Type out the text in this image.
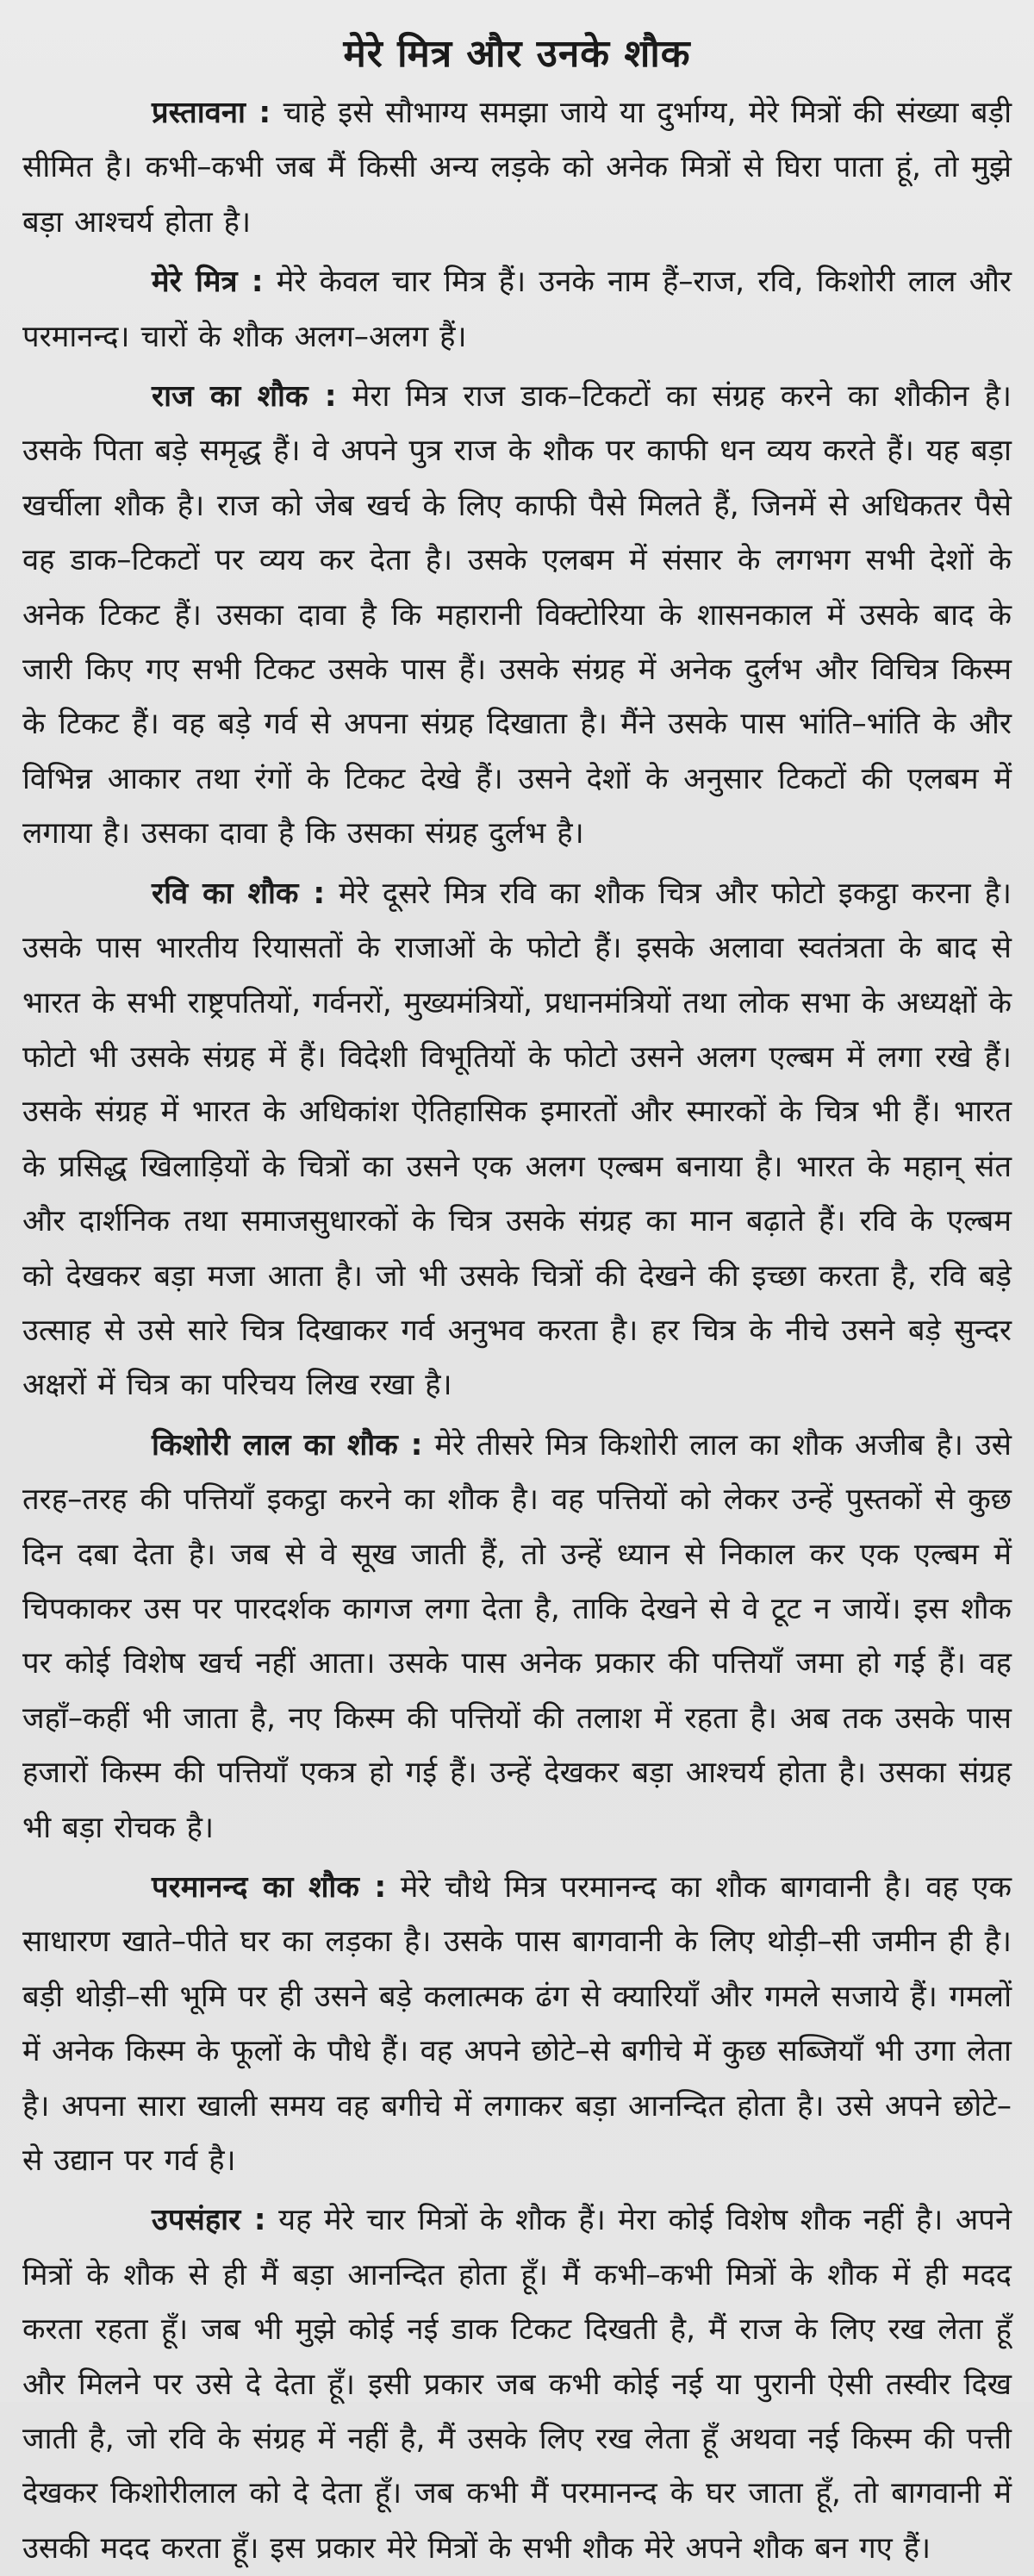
मेरे मित्र और उनके शौक

प्रस्तावना : चाहे इसे सौभाग्य समझा जाये या दुर्भाग्य, मेरे मित्रों की संख्या बड़ी सीमित है। कभी–कभी जब मैं किसी अन्य लड़के को अनेक मित्रों से घिरा पाता हूं, तो मुझे बड़ा आश्चर्य होता है।

मेरे मित्र : मेरे केवल चार मित्र हैं। उनके नाम हैं–राज, रवि, किशोरी लाल और परमानन्द। चारों के शौक अलग–अलग हैं।

राज का शौक : मेरा मित्र राज डाक–टिकटों का संग्रह करने का शौकीन है। उसके पिता बड़े समृद्ध हैं। वे अपने पुत्र राज के शौक पर काफी धन व्यय करते हैं। यह बड़ा खर्चीला शौक है। राज को जेब खर्च के लिए काफी पैसे मिलते हैं, जिनमें से अधिकतर पैसे वह डाक–टिकटों पर व्यय कर देता है। उसके एलबम में संसार के लगभग सभी देशों के अनेक टिकट हैं। उसका दावा है कि महारानी विक्टोरिया के शासनकाल में उसके बाद के जारी किए गए सभी टिकट उसके पास हैं। उसके संग्रह में अनेक दुर्लभ और विचित्र किस्म के टिकट हैं। वह बड़े गर्व से अपना संग्रह दिखाता है। मैंने उसके पास भांति–भांति के और विभिन्न आकार तथा रंगों के टिकट देखे हैं। उसने देशों के अनुसार टिकटों की एलबम में लगाया है। उसका दावा है कि उसका संग्रह दुर्लभ है।

रवि का शौक : मेरे दूसरे मित्र रवि का शौक चित्र और फोटो इकट्ठा करना है। उसके पास भारतीय रियासतों के राजाओं के फोटो हैं। इसके अलावा स्वतंत्रता के बाद से भारत के सभी राष्ट्रपतियों, गर्वनरों, मुख्यमंत्रियों, प्रधानमंत्रियों तथा लोक सभा के अध्यक्षों के फोटो भी उसके संग्रह में हैं। विदेशी विभूतियों के फोटो उसने अलग एल्बम में लगा रखे हैं। उसके संग्रह में भारत के अधिकांश ऐतिहासिक इमारतों और स्मारकों के चित्र भी हैं। भारत के प्रसिद्ध खिलाड़ियों के चित्रों का उसने एक अलग एल्बम बनाया है। भारत के महान् संत और दार्शनिक तथा समाजसुधारकों के चित्र उसके संग्रह का मान बढ़ाते हैं। रवि के एल्बम को देखकर बड़ा मजा आता है। जो भी उसके चित्रों की देखने की इच्छा करता है, रवि बड़े उत्साह से उसे सारे चित्र दिखाकर गर्व अनुभव करता है। हर चित्र के नीचे उसने बड़े सुन्दर अक्षरों में चित्र का परिचय लिख रखा है।

किशोरी लाल का शौक : मेरे तीसरे मित्र किशोरी लाल का शौक अजीब है। उसे तरह–तरह की पत्तियाँ इकट्ठा करने का शौक है। वह पत्तियों को लेकर उन्हें पुस्तकों से कुछ दिन दबा देता है। जब से वे सूख जाती हैं, तो उन्हें ध्यान से निकाल कर एक एल्बम में चिपकाकर उस पर पारदर्शक कागज लगा देता है, ताकि देखने से वे टूट न जायें। इस शौक पर कोई विशेष खर्च नहीं आता। उसके पास अनेक प्रकार की पत्तियाँ जमा हो गई हैं। वह जहाँ–कहीं भी जाता है, नए किस्म की पत्तियों की तलाश में रहता है। अब तक उसके पास हजारों किस्म की पत्तियाँ एकत्र हो गई हैं। उन्हें देखकर बड़ा आश्चर्य होता है। उसका संग्रह भी बड़ा रोचक है।

परमानन्द का शौक : मेरे चौथे मित्र परमानन्द का शौक बागवानी है। वह एक साधारण खाते–पीते घर का लड़का है। उसके पास बागवानी के लिए थोड़ी–सी जमीन ही है। बड़ी थोड़ी–सी भूमि पर ही उसने बड़े कलात्मक ढंग से क्यारियाँ और गमले सजाये हैं। गमलों में अनेक किस्म के फूलों के पौधे हैं। वह अपने छोटे–से बगीचे में कुछ सब्जियाँ भी उगा लेता है। अपना सारा खाली समय वह बगीचे में लगाकर बड़ा आनन्दित होता है। उसे अपने छोटे–से उद्यान पर गर्व है।

उपसंहार : यह मेरे चार मित्रों के शौक हैं। मेरा कोई विशेष शौक नहीं है। अपने मित्रों के शौक से ही मैं बड़ा आनन्दित होता हूँ। मैं कभी–कभी मित्रों के शौक में ही मदद करता रहता हूँ। जब भी मुझे कोई नई डाक टिकट दिखती है, मैं राज के लिए रख लेता हूँ और मिलने पर उसे दे देता हूँ। इसी प्रकार जब कभी कोई नई या पुरानी ऐसी तस्वीर दिख जाती है, जो रवि के संग्रह में नहीं है, मैं उसके लिए रख लेता हूँ अथवा नई किस्म की पत्ती देखकर किशोरीलाल को दे देता हूँ। जब कभी मैं परमानन्द के घर जाता हूँ, तो बागवानी में उसकी मदद करता हूँ। इस प्रकार मेरे मित्रों के सभी शौक मेरे अपने शौक बन गए हैं।
